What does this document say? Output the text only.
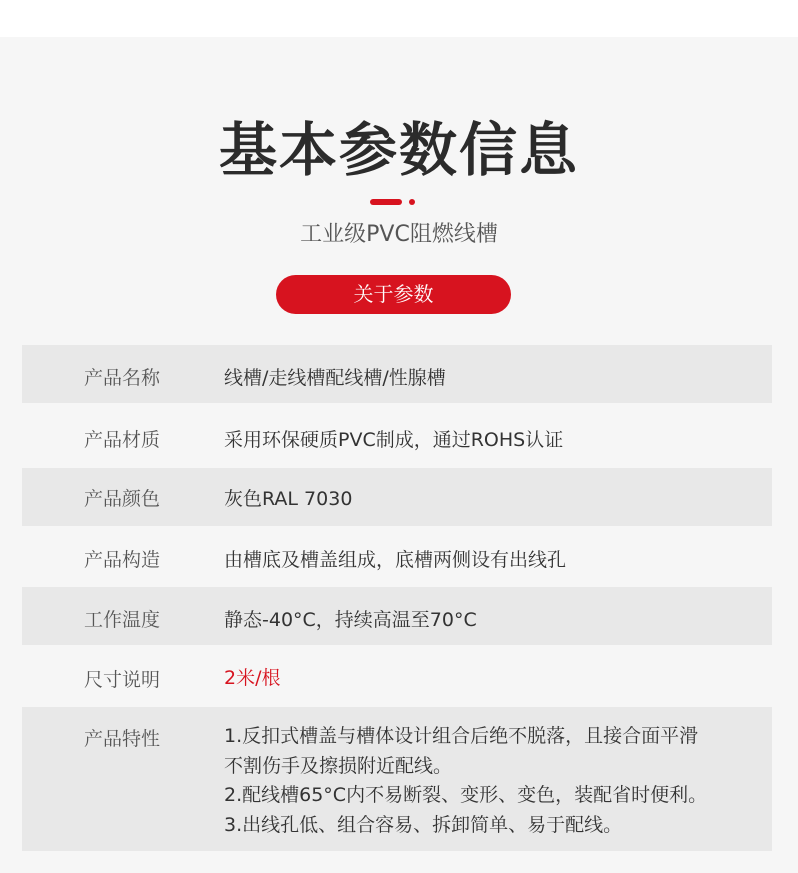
基本参数信息
工业级PVC阻燃线槽
关于参数
产品名称	线槽/走线槽配线槽/性腺槽
产品材质	采用环保硬质PVC制成，通过ROHS认证
产品颜色	灰色RAL 7030
产品构造	由槽底及槽盖组成，底槽两侧设有出线孔
工作温度	静态-40°C，持续高温至70°C
尺寸说明	2米/根
产品特性	1.反扣式槽盖与槽体设计组合后绝不脱落，且接合面平滑
不割伤手及擦损附近配线。
2.配线槽65°C内不易断裂、变形、变色，装配省时便利。
3.出线孔低、组合容易、拆卸简单、易于配线。
